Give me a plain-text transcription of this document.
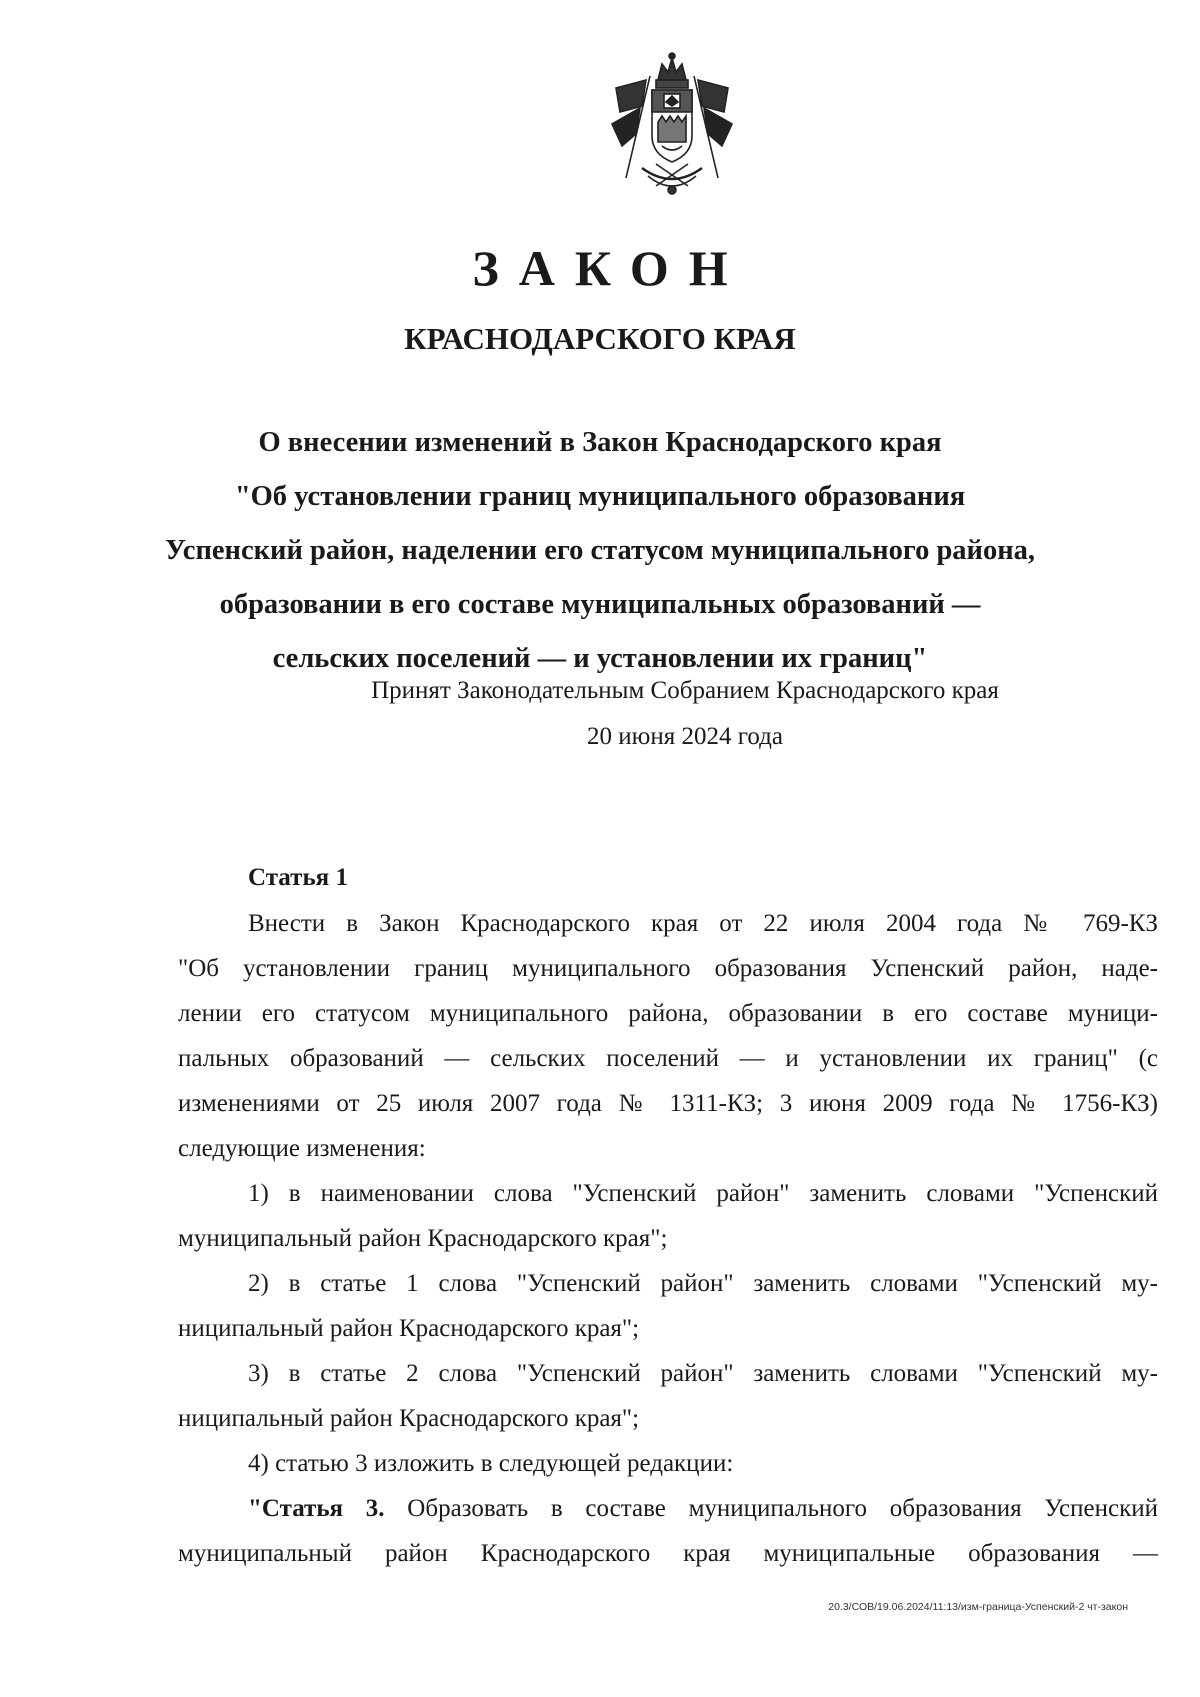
ЗАКОН
КРАСНОДАРСКОГО КРАЯ
О внесении изменений в Закон Краснодарского края
"Об установлении границ муниципального образования
Успенский район, наделении его статусом муниципального района,
образовании в его составе муниципальных образований —
сельских поселений — и установлении их границ"
Принят Законодательным Собранием Краснодарского края
20 июня 2024 года
Статья 1
Внести в Закон Краснодарского края от 22 июля 2004 года № 769-КЗ
"Об установлении границ муниципального образования Успенский район, наде-
лении его статусом муниципального района, образовании в его составе муници-
пальных образований — сельских поселений — и установлении их границ" (с
изменениями от 25 июля 2007 года № 1311-КЗ; 3 июня 2009 года № 1756-КЗ)
следующие изменения:
1) в наименовании слова "Успенский район" заменить словами "Успенский
муниципальный район Краснодарского края";
2) в статье 1 слова "Успенский район" заменить словами "Успенский му-
ниципальный район Краснодарского края";
3) в статье 2 слова "Успенский район" заменить словами "Успенский му-
ниципальный район Краснодарского края";
4) статью 3 изложить в следующей редакции:
"Статья 3. Образовать в составе муниципального образования Успенский
муниципальный район Краснодарского края муниципальные образования —
20.3/СОВ/19.06.2024/11:13/изм-граница-Успенский-2 чт-закон
